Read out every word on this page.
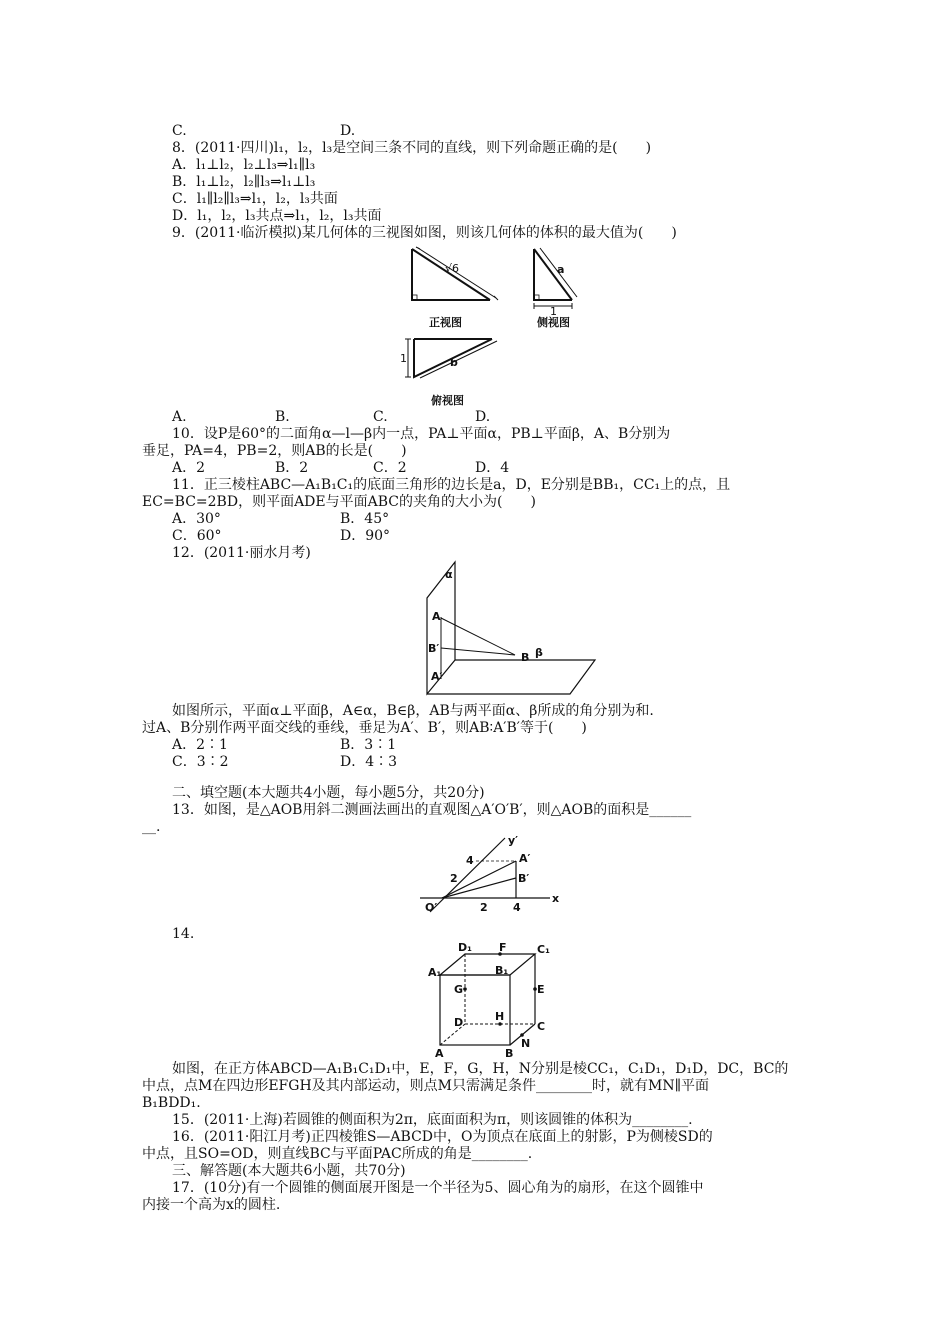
C.	D.
8．(2011·四川)l₁，l₂，l₃是空间三条不同的直线，则下列命题正确的是(　　)
A．l₁⊥l₂，l₂⊥l₃⇒l₁∥l₃
B．l₁⊥l₂，l₂∥l₃⇒l₁⊥l₃
C．l₁∥l₂∥l₃⇒l₁，l₂，l₃共面
D．l₁，l₂，l₃共点⇒l₁，l₂，l₃共面
9．(2011·临沂模拟)某几何体的三视图如图，则该几何体的体积的最大值为(　　)
√6	a
1
1	b
正视图	侧视图
俯视图
A.	B.	C.	D.
10．设P是60°的二面角α—l—β内一点，PA⊥平面α，PB⊥平面β，A、B分别为
垂足，PA=4，PB=2，则AB的长是(　　)
A．2	B．2	C．2	D．4
11．正三棱柱ABC—A₁B₁C₁的底面三角形的边长是a，D，E分别是BB₁，CC₁上的点，且
EC=BC=2BD，则平面ADE与平面ABC的夹角的大小为(　　)
A．30°	B．45°
C．60°	D．90°
12．(2011·丽水月考)
α
β
A
B
B′
A′
如图所示，平面α⊥平面β，A∈α，B∈β，AB与两平面α、β所成的角分别为和.
过A、B分别作两平面交线的垂线，垂足为A′、B′，则AB∶A′B′等于(　　)
A．2∶1	B．3∶1
C．3∶2	D．4∶3
二、填空题(本大题共4小题，每小题5分，共20分)
13．如图，是△AOB用斜二测画法画出的直观图△A′O′B′，则△AOB的面积是______
__.
y′
x
A′
B′
O′
4
2
2 4
14.
D₁ F	C₁
A₁
G
B₁
E
D	H
C
N
A	B
如图，在正方体ABCD—A₁B₁C₁D₁中，E，F，G，H，N分别是棱CC₁，C₁D₁，D₁D，DC，BC的
中点，点M在四边形EFGH及其内部运动，则点M只需满足条件________时，就有MN∥平面
B₁BDD₁.
15．(2011·上海)若圆锥的侧面积为2π，底面面积为π，则该圆锥的体积为________.
16．(2011·阳江月考)正四棱锥S—ABCD中，O为顶点在底面上的射影，P为侧棱SD的
中点，且SO=OD，则直线BC与平面PAC所成的角是________.
三、解答题(本大题共6小题，共70分)
17．(10分)有一个圆锥的侧面展开图是一个半径为5、圆心角为的扇形，在这个圆锥中
内接一个高为x的圆柱.
